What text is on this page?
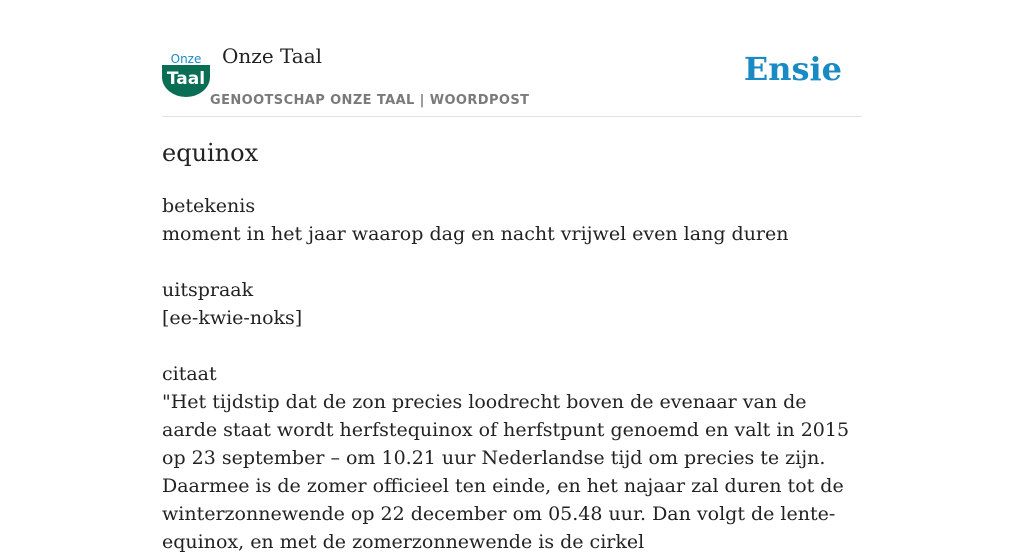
Onze
Taal
Onze Taal
GENOOTSCHAP ONZE TAAL | WOORDPOST
Ensie
equinox

betekenis

moment in het jaar waarop dag en nacht vrijwel even lang duren

uitspraak

[ee-kwie-noks]

citaat

"Het tijdstip dat de zon precies loodrecht boven de evenaar van de aarde staat wordt herfstequinox of herfstpunt genoemd en valt in 2015 op 23 september – om 10.21 uur Nederlandse tijd om precies te zijn. Daarmee is de zomer officieel ten einde, en het najaar zal duren tot de winterzonnewende op 22 december om 05.48 uur. Dan volgt de lente-equinox, en met de zomerzonnewende is de cirkel
